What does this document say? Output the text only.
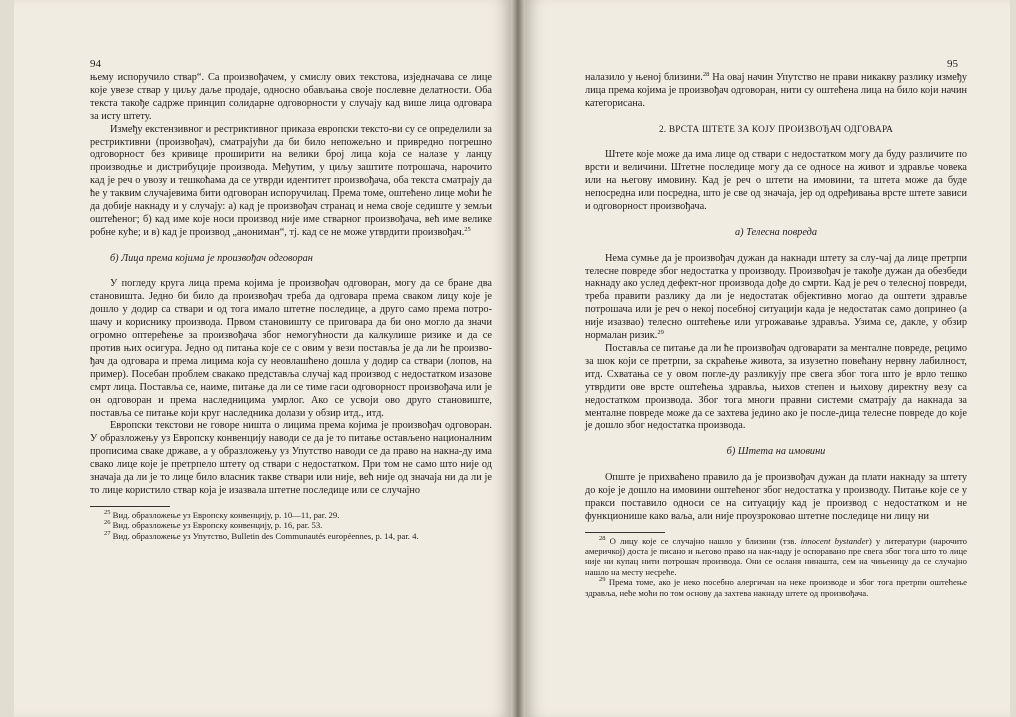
94

њему испоручило ствар“. Са произвођачем, у смислу ових текстова, изједначава се лице које увезе ствар у циљу даље продаје, односно обављања своје послевне делатности. Оба текста такође садрже принцип солидарне одговорности у случају кад више лица одговара за исту штету.

Између екстензивног и рестриктивног приказа европски тексто-ви су се определили за рестриктивни (произвођач), сматрајући да би било непожељно и привредно погрешно одговорност без кривице проширити на велики број лица која се налазе у ланцу производње и дистрибуције производа. Међутим, у циљу заштите потрошача, нарочито кад је реч о увозу и тешкоћама да се утврди идентитет произвођача, оба текста сматрају да ће у таквим случајевима бити одговоран испоручилац. Према томе, оштећено лице моћи ће да добије накнаду и у случају: а) кад је произвођач странац и нема своје седиште у земљи оштећеног; б) кад име које носи производ није име стварног произвођача, већ име велике робне куће; и в) кад је производ „анониман“, тј. кад се не може утврдити произвођач.$^{25}$

б) Лица према којима је произвођач одговоран

У погледу круга лица према којима је произвођач одговоран, могу да се бране два становишта. Једно би било да произвођач треба да одговара према сваком лицу које је дошло у додир са ствари и од тога имало штетне последице, а друго само према потро-шачу и кориснику производа. Првом становишту се приговара да би оно могло да значи огромно оптерећење за произвођача због немогућности да калкулише ризике и да се против њих осигура. Једно од питања које се с овим у вези поставља је да ли ће произво-ђач да одговара и према лицима која су неовлашћено дошла у додир са ствари (лопов, на пример). Посебан проблем свакако представља случај кад производ с недостатком изазове смрт лица. Поставља се, наиме, питање да ли се тиме гаси одговорност произвођача или је он одговоран и према наследницима умрлог. Ако се усвоји ово друго становиште, поставља се питање који круг наследника долази у обзир итд., итд.

Европски текстови не говоре ништа о лицима према којима је произвођач одговоран. У образложењу уз Европску конвенцију наводи се да је то питање остављено националним прописима сваке државе, а у образложењу уз Упутство наводи се да право на накна-ду има свако лице које је претрпело штету од ствари с недостатком. При том не само што није од значаја да ли је то лице било власник такве ствари или није, већ није од значаја ни да ли је то лице користило ствар која је изазвала штетне последице или се случајно

$^{25}$ Вид. образложење уз Европску конвенцију, р. 10—11, par. 29.

$^{26}$ Вид. образложење уз Европску конвенцију, р. 16, par. 53.

$^{27}$ Вид. образложење уз Упутство, Bulletin des Communautés européennes, p. 14, par. 4.

95

налазило у њеној близини.$^{28}$ На овај начин Упутство не прави никакву разлику између лица према којима је произвођач одговоран, нити су оштећена лица на било који начин категорисана.

2. ВРСТА ШТЕТЕ ЗА КОЈУ ПРОИЗВОЂАЧ ОДГОВАРА

Штете које може да има лице од ствари с недостатком могу да буду различите по врсти и величини. Штетне последице могу да се односе на живот и здравље човека или на његову имовину. Кад је реч о штети на имовини, та штета може да буде непосредна или посредна, што је све од значаја, јер од одређивања врсте штете зависи и одговорност произвођача.

а) Телесна повреда

Нема сумње да је произвођач дужан да накнади штету за слу-чај да лице претрпи телесне повреде због недостатка у производу. Произвођач је такође дужан да обезбеди накнаду ако услед дефект-ног производа дође до смрти. Кад је реч о телесној повреди, треба правити разлику да ли је недостатак објективно могао да оштети здравље потрошача или је реч о некој посебној ситуацији када је недостатак само допринео (а није изазвао) телесно оштећење или угрожавање здравља. Узима се, дакле, у обзир нормалан ризик.$^{29}$

Поставља се питање да ли ће произвођач одговарати за менталне повреде, рецимо за шок који се претрпи, за скраћење живота, за изузетно повећану нервну лабилност, итд. Схватања се у овом погле-ду разликују пре свега због тога што је врло тешко утврдити ове врсте оштећења здравља, њихов степен и њихову директну везу са недостатком производа. Због тога многи правни системи сматрају да накнада за менталне повреде може да се захтева једино ако је после-дица телесне повреде до које је дошло због недостатка производа.

б) Штета на имовини

Опште је прихваћено правило да је произвођач дужан да плати накнаду за штету до које је дошло на имовини оштећеног због недостатка у производу. Питање које се у пракси поставило односи се на ситуацију кад је производ с недостатком и не функционише како ваља, али није проузроковао штетне последице ни лицу ни

$^{28}$ О лицу које се случајно нашло у близини (тзв. innocent bystander) у литератури (нарочито америчкој) доста је писано и његово право на нак-наду је оспоравано пре свега због тога што то лице није ни купац нити потрошач производа. Они се осланя нинашта, сем на чињеницу да се случајно нашло на месту несреће.

$^{29}$ Према томе, ако је неко посебно алергичан на неке производе и због тога претрпи оштећење здравља, неће моћи по том основу да захтева накнаду штете од произвођача.
